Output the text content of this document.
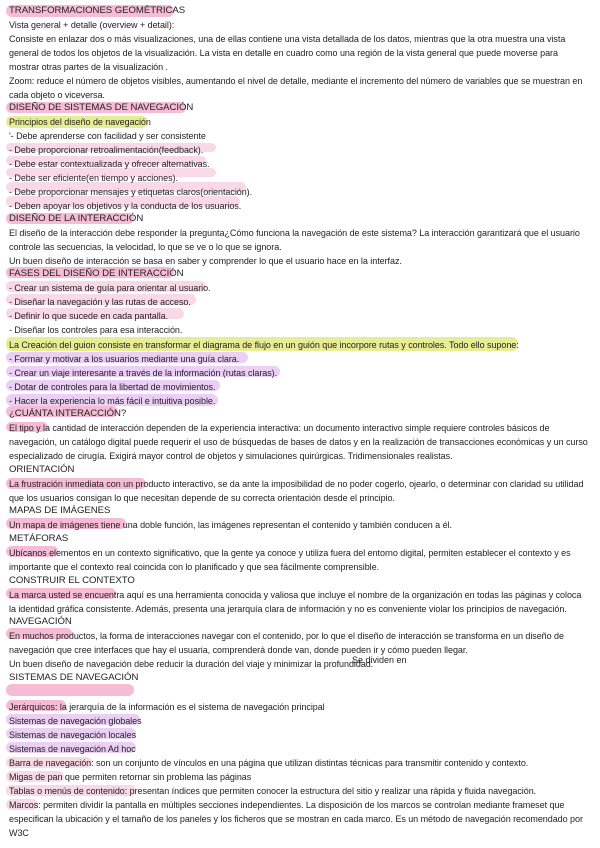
TRANSFORMACIONES GEOMÉTRICAS

Vista general + detalle (overview + detail):

Consiste en enlazar dos o más visualizaciones, una de ellas contiene una vista detallada de los datos, mientras que la otra muestra una vista

general de todos los objetos de la visualización. La vista en detalle en cuadro como una región de la vista general que puede moverse para

mostrar otras partes de la visualización .

Zoom: reduce el número de objetos visibles, aumentando el nivel de detalle, mediante el incremento del número de variables que se muestran en

cada objeto o viceversa.

DISEÑO DE SISTEMAS DE NAVEGACIÓN

Principios del diseño de navegación

'- Debe aprenderse con facilidad y ser consistente

- Debe proporcionar retroalimentación(feedback).

- Debe estar contextualizada y ofrecer alternativas.

- Debe ser eficiente(en tiempo y acciones).

- Debe proporcionar mensajes y etiquetas claros(orientación).

- Deben apoyar los objetivos y la conducta de los usuarios.

DISEÑO DE LA INTERACCIÓN

El diseño de la interacción debe responder la pregunta¿Cómo funciona la navegación de este sistema? La interacción garantizará que el usuario

controle las secuencias, la velocidad, lo que se ve o lo que se ignora.

Un buen diseño de interacción se basa en saber y comprender lo que el usuario hace en la interfaz.

FASES DEL DISEÑO DE INTERACCIÓN

- Crear un sistema de guía para orientar al usuario.

- Diseñar la navegación y las rutas de acceso.

- Definir lo que sucede en cada pantalla.

- Diseñar los controles para esa interacción.

La Creación del guion consiste en transformar el diagrama de flujo en un guión que incorpore rutas y controles. Todo ello supone:

- Formar y motivar a los usuarios mediante una guía clara.

- Crear un viaje interesante a través de la información (rutas claras).

- Dotar de controles para la libertad de movimientos.

- Hacer la experiencia lo más fácil e intuitiva posible.

¿CUÁNTA INTERACCIÓN?

El tipo y la cantidad de interacción dependen de la experiencia interactiva: un documento interactivo simple requiere controles básicos de

navegación, un catálogo digital puede requerir el uso de búsquedas de bases de datos y en la realización de transacciones económicas y un curso

especializado de cirugía. Exigirá mayor control de objetos y simulaciones quirúrgicas. Tridimensionales realistas.

ORIENTACIÓN

La frustración inmediata con un producto interactivo, se da ante la imposibilidad de no poder cogerlo, ojearlo, o determinar con claridad su utilidad

que los usuarios consigan lo que necesitan depende de su correcta orientación desde el principio.

MAPAS DE IMÁGENES

Un mapa de imágenes tiene una doble función, las imágenes representan el contenido y también conducen a él.

METÁFORAS

Ubícanos elementos en un contexto significativo, que la gente ya conoce y utiliza fuera del entorno digital, permiten establecer el contexto y es

importante que el contexto real coincida con lo planificado y que sea fácilmente comprensible.

CONSTRUIR EL CONTEXTO

La marca usted se encuentra aquí es una herramienta conocida y valiosa que incluye el nombre de la organización en todas las páginas y coloca

la identidad gráfica consistente. Además, presenta una jerarquía clara de información y no es conveniente violar los principios de navegación.

NAVEGACIÓN

En muchos productos, la forma de interacciones navegar con el contenido, por lo que el diseño de interacción se transforma en un diseño de

navegación que cree interfaces que hay el usuaria, comprenderá donde van, donde pueden ir y cómo pueden llegar.

Un buen diseño de navegación debe reducir la duración del viaje y minimizar la profundidad.

SISTEMAS DE NAVEGACIÓN

Jerárquicos: la jerarquía de la información es el sistema de navegación principal

Sistemas de navegación globales

Sistemas de navegación locales

Sistemas de navegación Ad hoc

Barra de navegación: son un conjunto de vínculos en una página que utilizan distintas técnicas para transmitir contenido y contexto.

Migas de pan que permiten retornar sin problema las páginas

Tablas o menús de contenido: presentan índices que permiten conocer la estructura del sitio y realizar una rápida y fluida navegación.

Marcos: permiten dividir la pantalla en múltiples secciones independientes. La disposición de los marcos se controlan mediante frameset que

especifican la ubicación y el tamaño de los paneles y los ficheros que se mostran en cada marco. Es un método de navegación recomendado por

W3C

Se dividen en
